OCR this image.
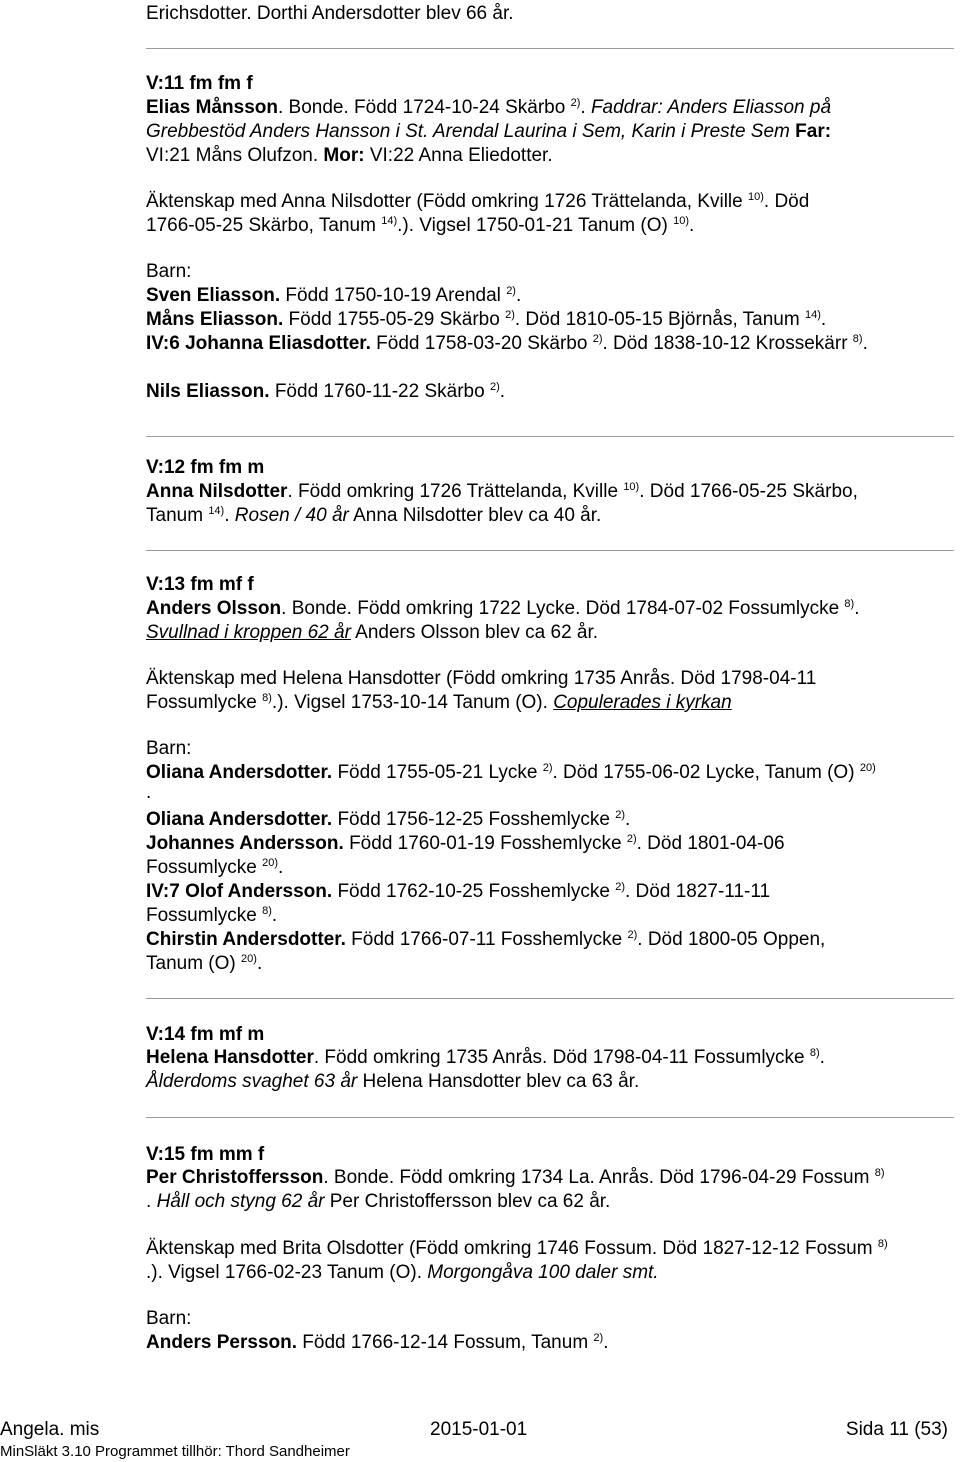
Erichsdotter. Dorthi Andersdotter blev 66 år.
V:11 fm fm f
Elias Månsson. Bonde. Född 1724-10-24 Skärbo $^{2)}$. Faddrar: Anders Eliasson på
Grebbestöd Anders Hansson i St. Arendal Laurina i Sem, Karin i Preste Sem Far:
VI:21 Måns Olufzon. Mor: VI:22 Anna Eliedotter.
Äktenskap med Anna Nilsdotter (Född omkring 1726 Trättelanda, Kville $^{10)}$. Död
1766-05-25 Skärbo, Tanum $^{14)}$.). Vigsel 1750-01-21 Tanum (O) $^{10)}$.
Barn:
Sven Eliasson. Född 1750-10-19 Arendal $^{2)}$.
Måns Eliasson. Född 1755-05-29 Skärbo $^{2)}$. Död 1810-05-15 Björnås, Tanum $^{14)}$.
IV:6 Johanna Eliasdotter. Född 1758-03-20 Skärbo $^{2)}$. Död 1838-10-12 Krossekärr $^{8)}$.
Nils Eliasson. Född 1760-11-22 Skärbo $^{2)}$.
V:12 fm fm m
Anna Nilsdotter. Född omkring 1726 Trättelanda, Kville $^{10)}$. Död 1766-05-25 Skärbo,
Tanum $^{14)}$. Rosen / 40 år Anna Nilsdotter blev ca 40 år.
V:13 fm mf f
Anders Olsson. Bonde. Född omkring 1722 Lycke. Död 1784-07-02 Fossumlycke $^{8)}$.
Svullnad i kroppen 62 år Anders Olsson blev ca 62 år.
Äktenskap med Helena Hansdotter (Född omkring 1735 Anrås. Död 1798-04-11
Fossumlycke $^{8)}$.). Vigsel 1753-10-14 Tanum (O). Copulerades i kyrkan
Barn:
Oliana Andersdotter. Född 1755-05-21 Lycke $^{2)}$. Död 1755-06-02 Lycke, Tanum (O) $^{20)}$
.
Oliana Andersdotter. Född 1756-12-25 Fosshemlycke $^{2)}$.
Johannes Andersson. Född 1760-01-19 Fosshemlycke $^{2)}$. Död 1801-04-06
Fossumlycke $^{20)}$.
IV:7 Olof Andersson. Född 1762-10-25 Fosshemlycke $^{2)}$. Död 1827-11-11
Fossumlycke $^{8)}$.
Chirstin Andersdotter. Född 1766-07-11 Fosshemlycke $^{2)}$. Död 1800-05 Oppen,
Tanum (O) $^{20)}$.
V:14 fm mf m
Helena Hansdotter. Född omkring 1735 Anrås. Död 1798-04-11 Fossumlycke $^{8)}$.
Ålderdoms svaghet 63 år Helena Hansdotter blev ca 63 år.
V:15 fm mm f
Per Christoffersson. Bonde. Född omkring 1734 La. Anrås. Död 1796-04-29 Fossum $^{8)}$
. Håll och styng 62 år Per Christoffersson blev ca 62 år.
Äktenskap med Brita Olsdotter (Född omkring 1746 Fossum. Död 1827-12-12 Fossum $^{8)}$
.). Vigsel 1766-02-23 Tanum (O). Morgongåva 100 daler smt.
Barn:
Anders Persson. Född 1766-12-14 Fossum, Tanum $^{2)}$.
Angela. mis	2015-01-01	Sida 11 (53)
MinSläkt 3.10 Programmet tillhör: Thord Sandheimer
